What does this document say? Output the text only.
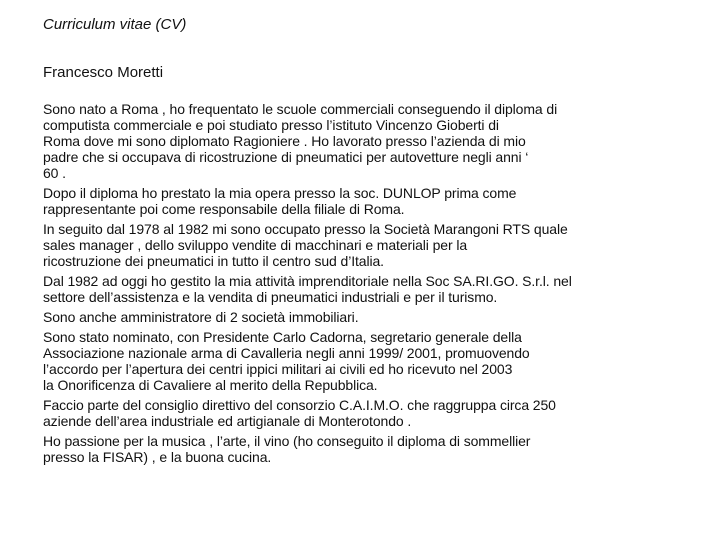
Curriculum vitae (CV)
Francesco Moretti
Sono nato a Roma , ho frequentato le scuole commerciali conseguendo il diploma di
computista commerciale e poi studiato presso l’istituto Vincenzo Gioberti di
Roma dove mi sono diplomato Ragioniere . Ho lavorato presso l’azienda di mio
padre che si occupava di ricostruzione di pneumatici per autovetture negli anni ‘
60 .
Dopo il diploma ho prestato la mia opera presso la soc. DUNLOP prima come
rappresentante poi come responsabile della filiale di Roma.
In seguito dal 1978 al 1982 mi sono occupato presso la Società Marangoni RTS quale
sales manager , dello sviluppo vendite di macchinari e materiali per la
ricostruzione dei pneumatici in tutto il centro sud d’Italia.
Dal 1982 ad oggi ho gestito la mia attività imprenditoriale nella Soc SA.RI.GO. S.r.l. nel
settore dell’assistenza e la vendita di pneumatici industriali e per il turismo.
Sono anche amministratore di 2 società immobiliari.
Sono stato nominato, con Presidente Carlo Cadorna, segretario generale della
Associazione nazionale arma di Cavalleria negli anni 1999/ 2001, promuovendo
l’accordo per l’apertura dei centri ippici militari ai civili ed ho ricevuto nel 2003
la Onorificenza di Cavaliere al merito della Repubblica.
Faccio parte del consiglio direttivo del consorzio C.A.I.M.O. che raggruppa circa 250
aziende dell’area industriale ed artigianale di Monterotondo .
Ho passione per la musica , l’arte, il vino (ho conseguito il diploma di sommellier
presso la FISAR) , e la buona cucina.
